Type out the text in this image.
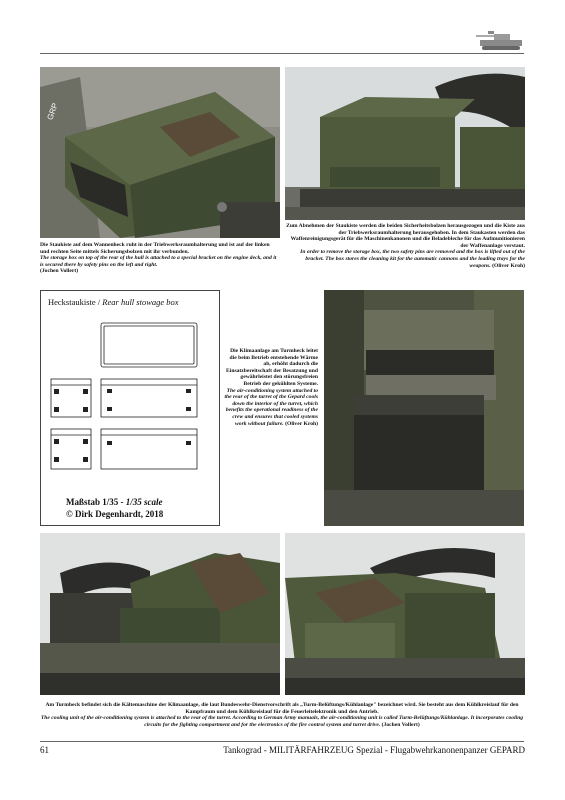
GRP

Die Staukiste auf dem Wannenheck ruht in der Triebwerksraumhalterung und ist auf der linken und rechten Seite mittels Sicherungsbolzen mit ihr verbunden.

The storage box on top of the rear of the hull is attached to a special bracket on the engine deck, and it is secured there by safety pins on the left and right.

(Jochen Vollert)

Zum Abnehmen der Staukiste werden die beiden Sicherheitsbolzen herausgezogen und die Kiste aus der Triebwerksraumhalterung herausgehoben. In dem Staukasten werden das Waffenreinigungsgerät für die Maschinenkanonen und die Beladebleche für das Aufmunitionieren der Waffenanlage verstaut.

In order to remove the storage box, the two safety pins are removed and the box is lifted out of the bracket. The box stores the cleaning kit for the automatic cannons and the loading trays for the weapons. (Oliver Kroh)

Heckstaukiste / Rear hull stowage box
Maßstab 1/35 - 1/35 scale
© Dirk Degenhardt, 2018

Die Klimaanlage am Turmheck leitet die beim Betrieb entstehende Wärme ab, erhöht dadurch die Einsatzbereitschaft der Besatzung und gewährleistet den störungsfreien Betrieb der gekühlten Systeme.

The air-conditioning system attached to the rear of the turret of the Gepard cools down the interior of the turret, which benefits the operational readiness of the crew and ensures that cooled systems work without failure. (Oliver Kroh)

Am Turmheck befindet sich die Kältemaschine der Klimaanlage, die laut Bundeswehr-Dienstvorschrift als „Turm-Belüftungs/Kühlanlage" bezeichnet wird. Sie besteht aus dem Kühlkreislauf für den Kampfraum und dem Kühlkreislauf für die Feuerleitelektronik und den Antrieb.

The cooling unit of the air-conditioning system is attached to the rear of the turret. According to German Army manuals, the air-conditioning unit is called Turm-Belüftungs/Kühlanlage. It incorporates cooling circuits for the fighting compartment and for the electronics of the fire control system and turret drive. (Jochen Vollert)

61	Tankograd - MILITÄRFAHRZEUG Spezial - Flugabwehrkanonenpanzer GEPARD
